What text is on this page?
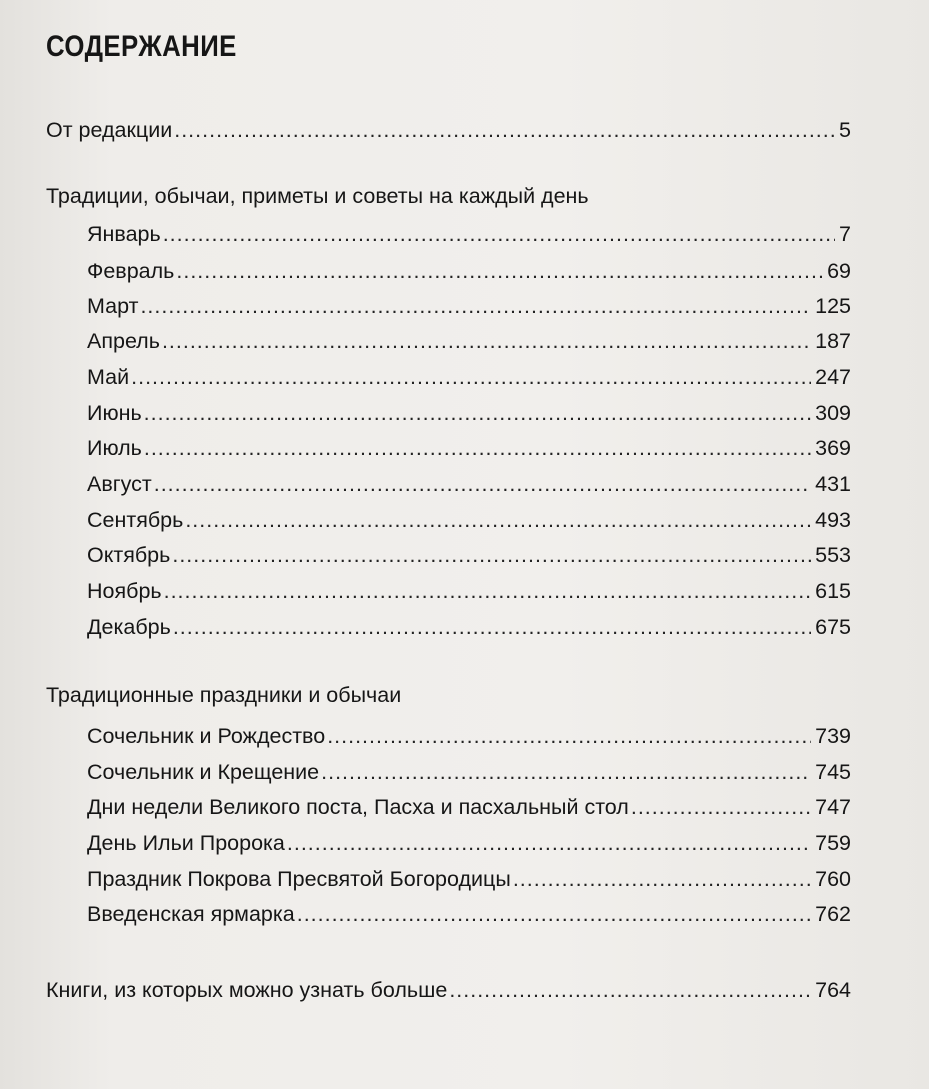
СОДЕРЖАНИЕ
От редакции .....	5
Традиции, обычаи, приметы и советы на каждый день
Январь .....	7
Февраль .....	69
Март .....	125
Апрель .....	187
Май .....	247
Июнь .....	309
Июль .....	369
Август .....	431
Сентябрь .....	493
Октябрь .....	553
Ноябрь .....	615
Декабрь .....	675
Традиционные праздники и обычаи
Сочельник и Рождество .....	739
Сочельник и Крещение .....	745
Дни недели Великого поста, Пасха и пасхальный стол .....	747
День Ильи Пророка .....	759
Праздник Покрова Пресвятой Богородицы .....	760
Введенская ярмарка .....	762
Книги, из которых можно узнать больше .....	764
